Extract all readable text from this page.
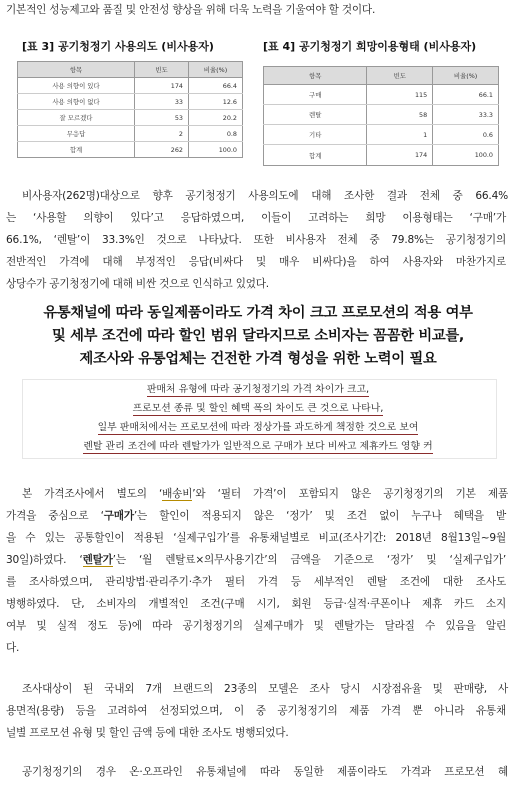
기본적인 성능제고와 품질 및 안전성 향상을 위해 더욱 노력을 기울여야 할 것이다.
[표 3] 공기청정기 사용의도 (비사용자)	[표 4] 공기청정기 희망이용형태 (비사용자)
항목	빈도	비율(%)
사용 의향이 있다	174	66.4
사용 의향이 없다	33	12.6
잘 모르겠다	53	20.2
무응답	2	0.8
합계	262	100.0
항목	빈도	비율(%)
구매	115	66.1
렌탈	58	33.3
기타	1	0.6
합계	174	100.0
비사용자(262명)대상으로 향후 공기청정기 사용의도에 대해 조사한 결과 전체 중 66.4%
는 ‘사용할 의향이 있다’고 응답하였으며, 이들이 고려하는 희망 이용형태는 ‘구매’가
66.1%, ‘렌탈’이 33.3%인 것으로 나타났다. 또한 비사용자 전체 중 79.8%는 공기청정기의
전반적인 가격에 대해 부정적인 응답(비싸다 및 매우 비싸다)을 하여 사용자와 마찬가지로
상당수가 공기청정기에 대해 비싼 것으로 인식하고 있었다.
유통채널에 따라 동일제품이라도 가격 차이 크고 프로모션의 적용 여부
및 세부 조건에 따라 할인 범위 달라지므로 소비자는 꼼꼼한 비교를,
제조사와 유통업체는 건전한 가격 형성을 위한 노력이 필요
판매처 유형에 따라 공기청정기의 가격 차이가 크고,
프로모션 종류 및 할인 혜택 폭의 차이도 큰 것으로 나타나,
일부 판매처에서는 프로모션에 따라 정상가를 과도하게 책정한 것으로 보여
렌탈 관리 조건에 따라 렌탈가가 일반적으로 구매가 보다 비싸고 제휴카드 영향 커
본 가격조사에서 별도의 ‘배송비’와 ‘필터 가격’이 포함되지 않은 공기청정기의 기본 제품
가격을 중심으로 ‘구매가’는 할인이 적용되지 않은 ‘정가’ 및 조건 없이 누구나 혜택을 받
을 수 있는 공통할인이 적용된 ‘실제구입가’를 유통채널별로 비교(조사기간: 2018년 8월13일~9월
30일)하였다. ‘렌탈가’는 ‘월 렌탈료×의무사용기간’의 금액을 기준으로 ‘정가’ 및 ‘실제구입가’
를 조사하였으며, 관리방법·관리주기·추가 필터 가격 등 세부적인 렌탈 조건에 대한 조사도
병행하였다. 단, 소비자의 개별적인 조건(구매 시기, 회원 등급·실적·쿠폰이나 제휴 카드 소지
여부 및 실적 정도 등)에 따라 공기청정기의 실제구매가 및 렌탈가는 달라질 수 있음을 알린
다.
조사대상이 된 국내외 7개 브랜드의 23종의 모델은 조사 당시 시장점유율 및 판매량, 사
용면적(용량) 등을 고려하여 선정되었으며, 이 중 공기청정기의 제품 가격 뿐 아니라 유통채
널별 프로모션 유형 및 할인 금액 등에 대한 조사도 병행되었다.
공기청정기의 경우 온·오프라인 유통채널에 따라 동일한 제품이라도 가격과 프로모션 혜
